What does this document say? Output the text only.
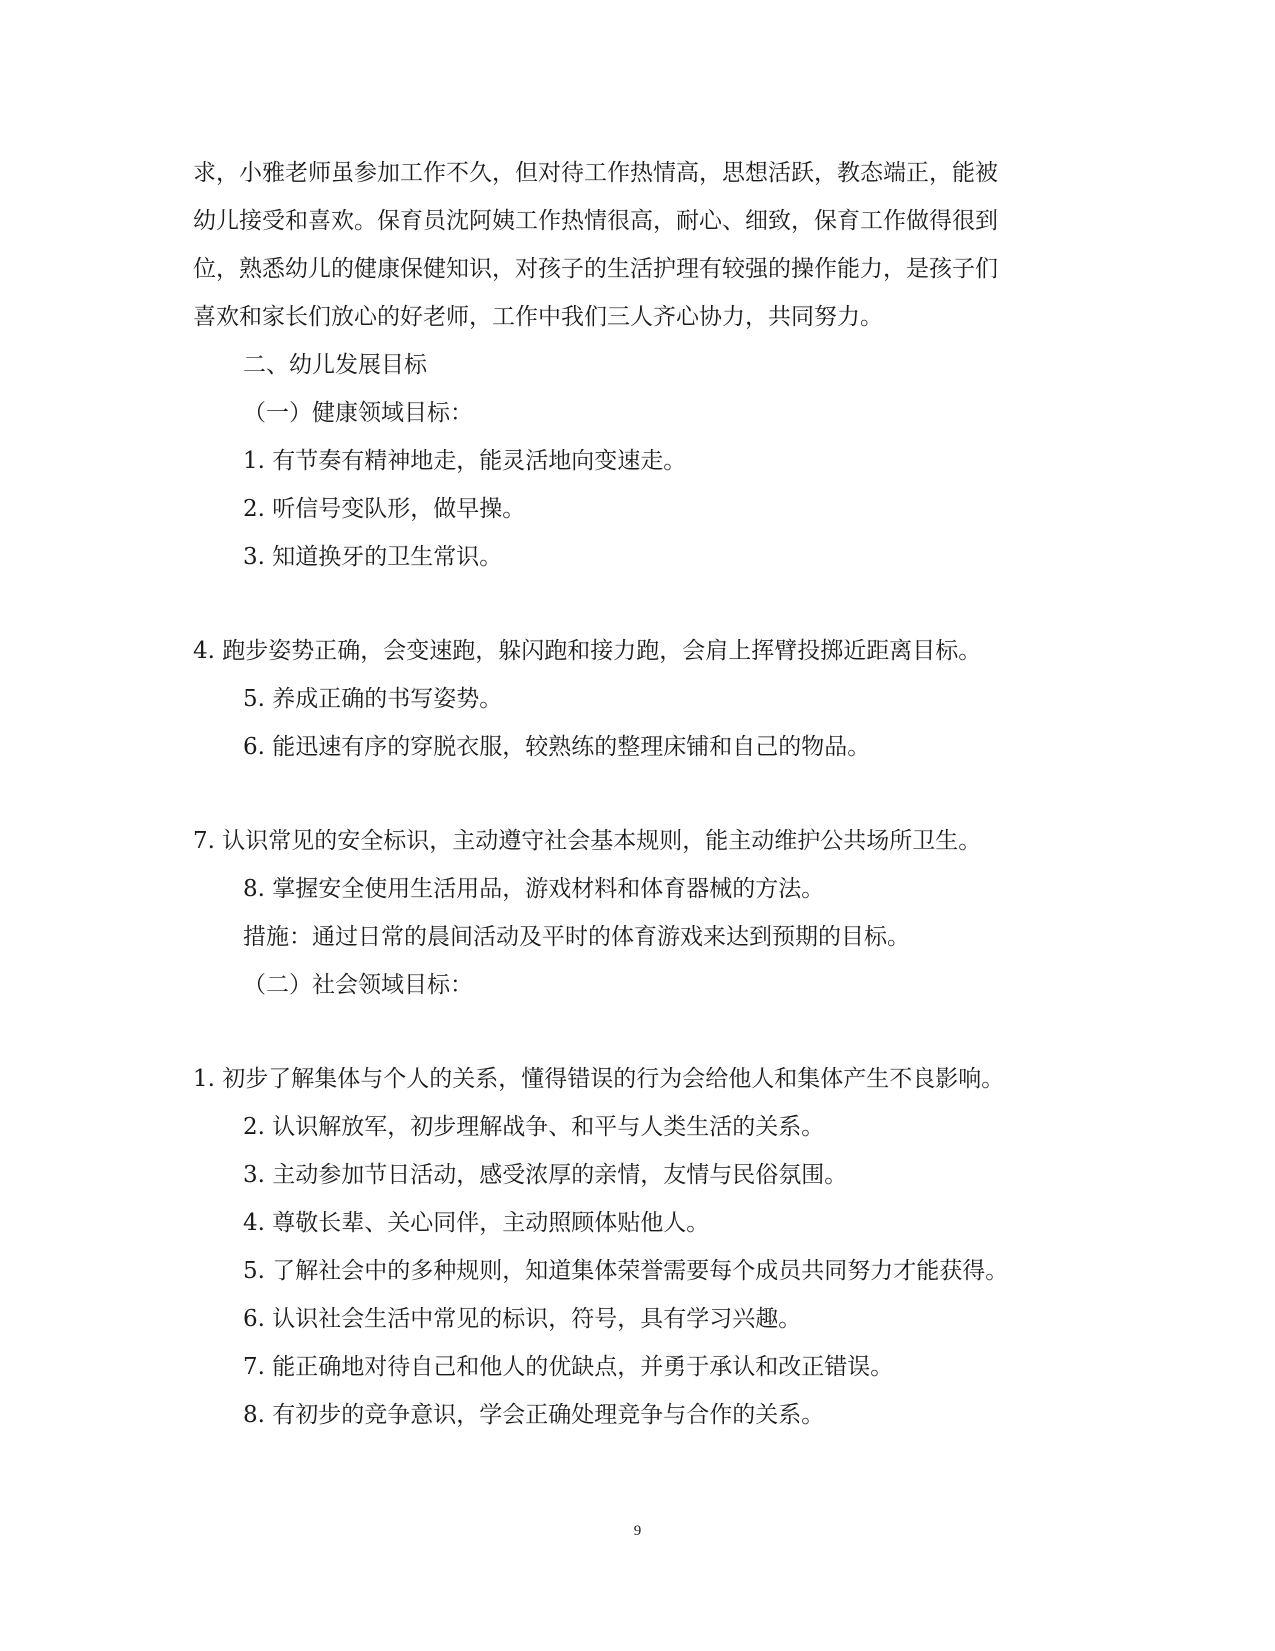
求，小雅老师虽参加工作不久，但对待工作热情高，思想活跃，教态端正，能被
幼儿接受和喜欢。保育员沈阿姨工作热情很高，耐心、细致，保育工作做得很到
位，熟悉幼儿的健康保健知识，对孩子的生活护理有较强的操作能力，是孩子们
喜欢和家长们放心的好老师，工作中我们三人齐心协力，共同努力。
二、幼儿发展目标
（一）健康领域目标：
1. 有节奏有精神地走，能灵活地向变速走。
2. 听信号变队形，做早操。
3. 知道换牙的卫生常识。
4. 跑步姿势正确，会变速跑，躲闪跑和接力跑，会肩上挥臂投掷近距离目标。
5. 养成正确的书写姿势。
6. 能迅速有序的穿脱衣服，较熟练的整理床铺和自己的物品。
7. 认识常见的安全标识，主动遵守社会基本规则，能主动维护公共场所卫生。
8. 掌握安全使用生活用品，游戏材料和体育器械的方法。
措施：通过日常的晨间活动及平时的体育游戏来达到预期的目标。
（二）社会领域目标：
1. 初步了解集体与个人的关系，懂得错误的行为会给他人和集体产生不良影响。
2. 认识解放军，初步理解战争、和平与人类生活的关系。
3. 主动参加节日活动，感受浓厚的亲情，友情与民俗氛围。
4. 尊敬长辈、关心同伴，主动照顾体贴他人。
5. 了解社会中的多种规则，知道集体荣誉需要每个成员共同努力才能获得。
6. 认识社会生活中常见的标识，符号，具有学习兴趣。
7. 能正确地对待自己和他人的优缺点，并勇于承认和改正错误。
8. 有初步的竞争意识，学会正确处理竞争与合作的关系。
9
